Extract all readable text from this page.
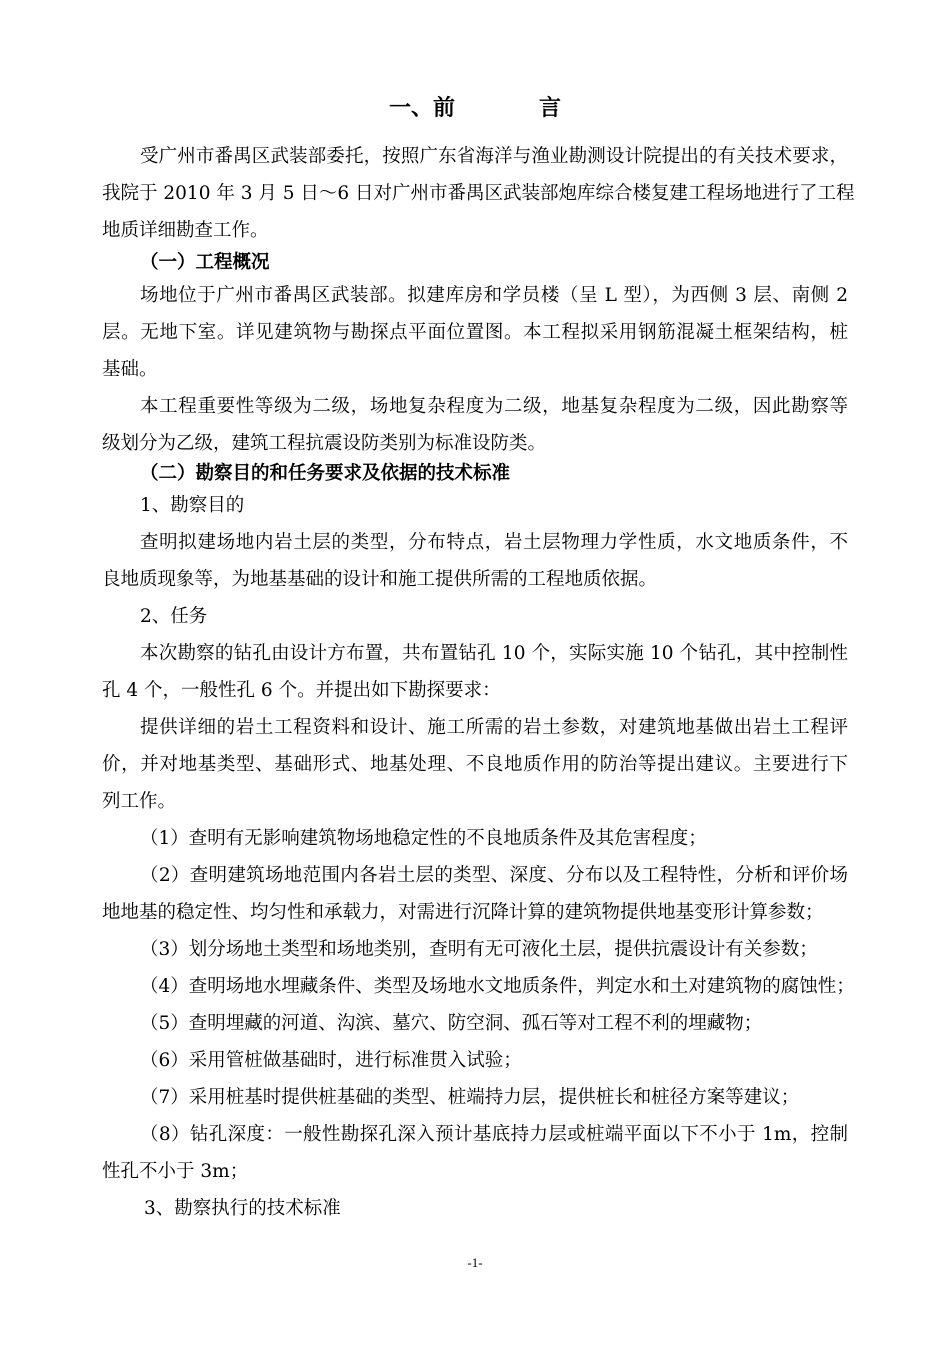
一、前	言
受广州市番禺区武装部委托，按照广东省海洋与渔业勘测设计院提出的有关技术要求，
我院于 2010 年 3 月 5 日～6 日对广州市番禺区武装部炮库综合楼复建工程场地进行了工程
地质详细勘查工作。
（一）工程概况
场地位于广州市番禺区武装部。拟建库房和学员楼（呈 L 型），为西侧 3 层、南侧 2
层。无地下室。详见建筑物与勘探点平面位置图。本工程拟采用钢筋混凝土框架结构，桩
基础。
本工程重要性等级为二级，场地复杂程度为二级，地基复杂程度为二级，因此勘察等
级划分为乙级，建筑工程抗震设防类别为标准设防类。
（二）勘察目的和任务要求及依据的技术标准
1、勘察目的
查明拟建场地内岩土层的类型，分布特点，岩土层物理力学性质，水文地质条件，不
良地质现象等，为地基基础的设计和施工提供所需的工程地质依据。
2、任务
本次勘察的钻孔由设计方布置，共布置钻孔 10 个，实际实施 10 个钻孔，其中控制性
孔 4 个，一般性孔 6 个。并提出如下勘探要求：
提供详细的岩土工程资料和设计、施工所需的岩土参数，对建筑地基做出岩土工程评
价，并对地基类型、基础形式、地基处理、不良地质作用的防治等提出建议。主要进行下
列工作。
（1）查明有无影响建筑物场地稳定性的不良地质条件及其危害程度；
（2）查明建筑场地范围内各岩土层的类型、深度、分布以及工程特性，分析和评价场
地地基的稳定性、均匀性和承载力，对需进行沉降计算的建筑物提供地基变形计算参数；
（3）划分场地土类型和场地类别，查明有无可液化土层，提供抗震设计有关参数；
（4）查明场地水埋藏条件、类型及场地水文地质条件，判定水和土对建筑物的腐蚀性；
（5）查明埋藏的河道、沟滨、墓穴、防空洞、孤石等对工程不利的埋藏物；
（6）采用管桩做基础时，进行标准贯入试验；
（7）采用桩基时提供桩基础的类型、桩端持力层，提供桩长和桩径方案等建议；
（8）钻孔深度：一般性勘探孔深入预计基底持力层或桩端平面以下不小于 1m，控制
性孔不小于 3m；
3、勘察执行的技术标准
-1-
